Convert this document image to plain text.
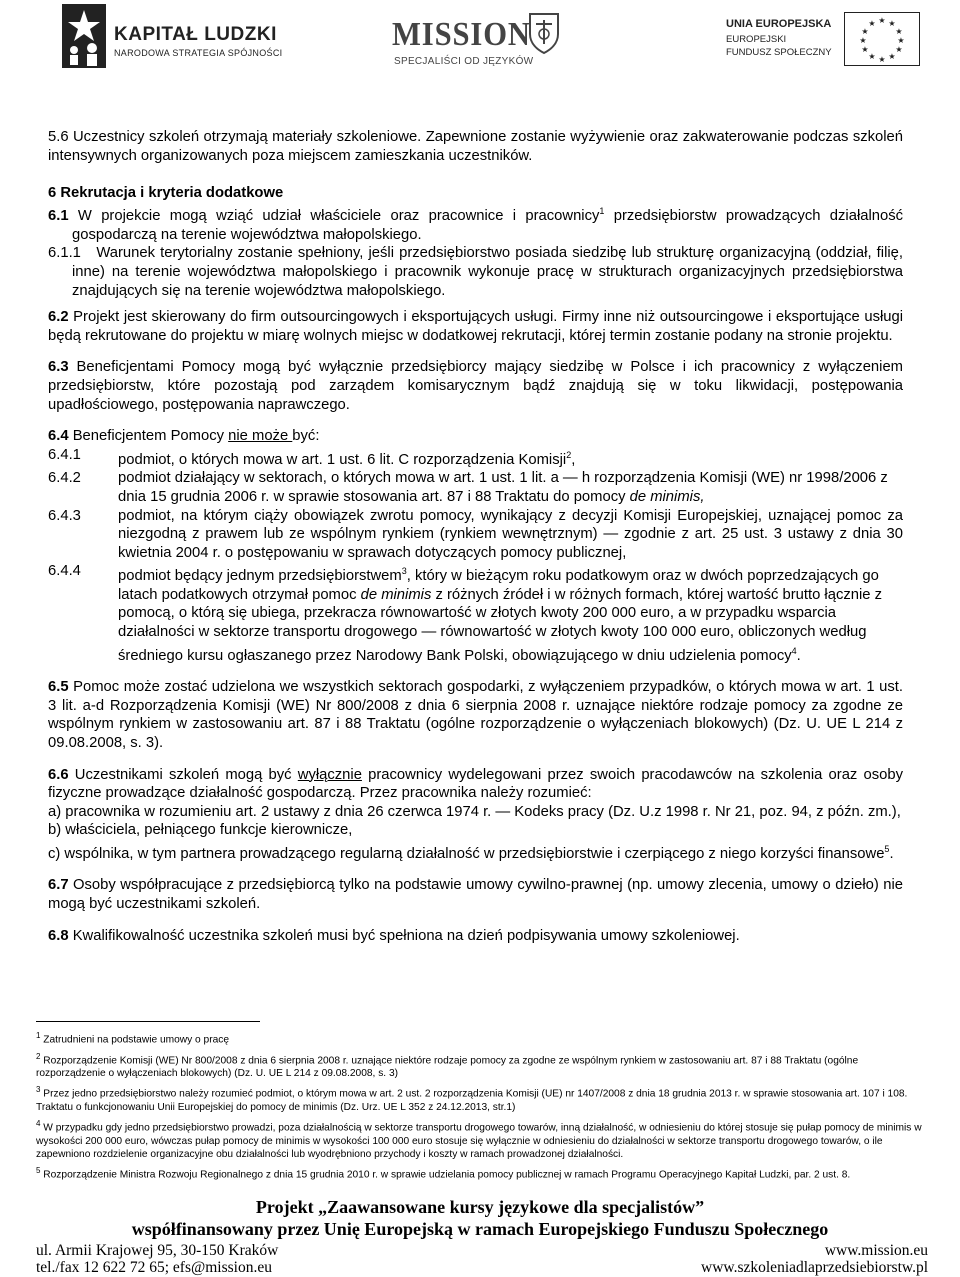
KAPITAŁ LUDZKI
NARODOWA STRATEGIA SPÓJNOŚCI	MISSION
SPECJALIŚCI OD JĘZYKÓW
UNIA EUROPEJSKA
EUROPEJSKI
FUNDUSZ SPOŁECZNY
★ ★
★
★
★
★
★
★
★
★
★
★

5.6 Uczestnicy szkoleń otrzymają materiały szkoleniowe. Zapewnione zostanie wyżywienie oraz zakwaterowanie podczas szkoleń intensywnych organizowanych poza miejscem zamieszkania uczestników.

6 Rekrutacja i kryteria dodatkowe

6.1 W projekcie mogą wziąć udział właściciele oraz pracownice i pracownicy$^1$ przedsiębiorstw prowadzących działalność gospodarczą na terenie województwa małopolskiego.

6.1.1 Warunek terytorialny zostanie spełniony, jeśli przedsiębiorstwo posiada siedzibę lub strukturę organizacyjną (oddział, filię, inne) na terenie województwa małopolskiego i pracownik wykonuje pracę w strukturach organizacyjnych przedsiębiorstwa znajdujących się na terenie województwa małopolskiego.

6.2 Projekt jest skierowany do firm outsourcingowych i eksportujących usługi. Firmy inne niż outsourcingowe i eksportujące usługi będą rekrutowane do projektu w miarę wolnych miejsc w dodatkowej rekrutacji, której termin zostanie podany na stronie projektu.

6.3 Beneficjentami Pomocy mogą być wyłącznie przedsiębiorcy mający siedzibę w Polsce i ich pracownicy z wyłączeniem przedsiębiorstw, które pozostają pod zarządem komisarycznym bądź znajdują się w toku likwidacji, postępowania upadłościowego, postępowania naprawczego.

6.4 Beneficjentem Pomocy nie może być:

6.4.1	podmiot, o których mowa w art. 1 ust. 6 lit. C rozporządzenia Komisji$^2$,
6.4.2	podmiot działający w sektorach, o których mowa w art. 1 ust. 1 lit. a — h rozporządzenia Komisji (WE) nr 1998/2006 z dnia 15 grudnia 2006 r. w sprawie stosowania art. 87 i 88 Traktatu do pomocy de minimis,
6.4.3	podmiot, na którym ciąży obowiązek zwrotu pomocy, wynikający z decyzji Komisji Europejskiej, uznającej pomoc za niezgodną z prawem lub ze wspólnym rynkiem (rynkiem wewnętrznym) — zgodnie z art. 25 ust. 3 ustawy z dnia 30 kwietnia 2004 r. o postępowaniu w sprawach dotyczących pomocy publicznej,
6.4.4	podmiot będący jednym przedsiębiorstwem$^3$, który w bieżącym roku podatkowym oraz w dwóch poprzedzających go latach podatkowych otrzymał pomoc de minimis z różnych źródeł i w różnych formach, której wartość brutto łącznie z pomocą, o którą się ubiega, przekracza równowartość w złotych kwoty 200 000 euro, a w przypadku wsparcia działalności w sektorze transportu drogowego — równowartość w złotych kwoty 100 000 euro, obliczonych według średniego kursu ogłaszanego przez Narodowy Bank Polski, obowiązującego w dniu udzielenia pomocy$^4$.

6.5 Pomoc może zostać udzielona we wszystkich sektorach gospodarki, z wyłączeniem przypadków, o których mowa w art. 1 ust. 3 lit. a-d Rozporządzenia Komisji (WE) Nr 800/2008 z dnia 6 sierpnia 2008 r. uznające niektóre rodzaje pomocy za zgodne ze wspólnym rynkiem w zastosowaniu art. 87 i 88 Traktatu (ogólne rozporządzenie o wyłączeniach blokowych) (Dz. U. UE L 214 z 09.08.2008, s. 3).

6.6 Uczestnikami szkoleń mogą być wyłącznie pracownicy wydelegowani przez swoich pracodawców na szkolenia oraz osoby fizyczne prowadzące działalność gospodarczą. Przez pracownika należy rozumieć:

a) pracownika w rozumieniu art. 2 ustawy z dnia 26 czerwca 1974 r. — Kodeks pracy (Dz. U.z 1998 r. Nr 21, poz. 94, z późn. zm.),

b) właściciela, pełniącego funkcje kierownicze,

c) wspólnika, w tym partnera prowadzącego regularną działalność w przedsiębiorstwie i czerpiącego z niego korzyści finansowe$^5$.

6.7 Osoby współpracujące z przedsiębiorcą tylko na podstawie umowy cywilno-prawnej (np. umowy zlecenia, umowy o dzieło) nie mogą być uczestnikami szkoleń.

6.8 Kwalifikowalność uczestnika szkoleń musi być spełniona na dzień podpisywania umowy szkoleniowej.

$^1$ Zatrudnieni na podstawie umowy o pracę

$^2$ Rozporządzenie Komisji (WE) Nr 800/2008 z dnia 6 sierpnia 2008 r. uznające niektóre rodzaje pomocy za zgodne ze wspólnym rynkiem w zastosowaniu art. 87 i 88 Traktatu (ogólne rozporządzenie o wyłączeniach blokowych) (Dz. U. UE L 214 z 09.08.2008, s. 3)

$^3$ Przez jedno przedsiębiorstwo należy rozumieć podmiot, o którym mowa w art. 2 ust. 2 rozporządzenia Komisji (UE) nr 1407/2008 z dnia 18 grudnia 2013 r. w sprawie stosowania art. 107 i 108. Traktatu o funkcjonowaniu Unii Europejskiej do pomocy de minimis (Dz. Urz. UE L 352 z 24.12.2013, str.1)

$^4$ W przypadku gdy jedno przedsiębiorstwo prowadzi, poza działalnością w sektorze transportu drogowego towarów, inną działalność, w odniesieniu do której stosuje się pułap pomocy de minimis w wysokości 200 000 euro, wówczas pułap pomocy de minimis w wysokości 100 000 euro stosuje się wyłącznie w odniesieniu do działalności w sektorze transportu drogowego towarów, o ile zapewniono rozdzielenie organizacyjne obu działalności lub wyodrębniono przychody i koszty w ramach prowadzonej działalności.

$^5$ Rozporządzenie Ministra Rozwoju Regionalnego z dnia 15 grudnia 2010 r. w sprawie udzielania pomocy publicznej w ramach Programu Operacyjnego Kapitał Ludzki, par. 2 ust. 8.

Projekt „Zaawansowane kursy językowe dla specjalistów”
współfinansowany przez Unię Europejską w ramach Europejskiego Funduszu Społecznego
ul. Armii Krajowej 95, 30-150 Kraków	www.mission.eu
tel./fax 12 622 72 65; efs@mission.eu	www.szkoleniadlaprzedsiebiorstw.pl
